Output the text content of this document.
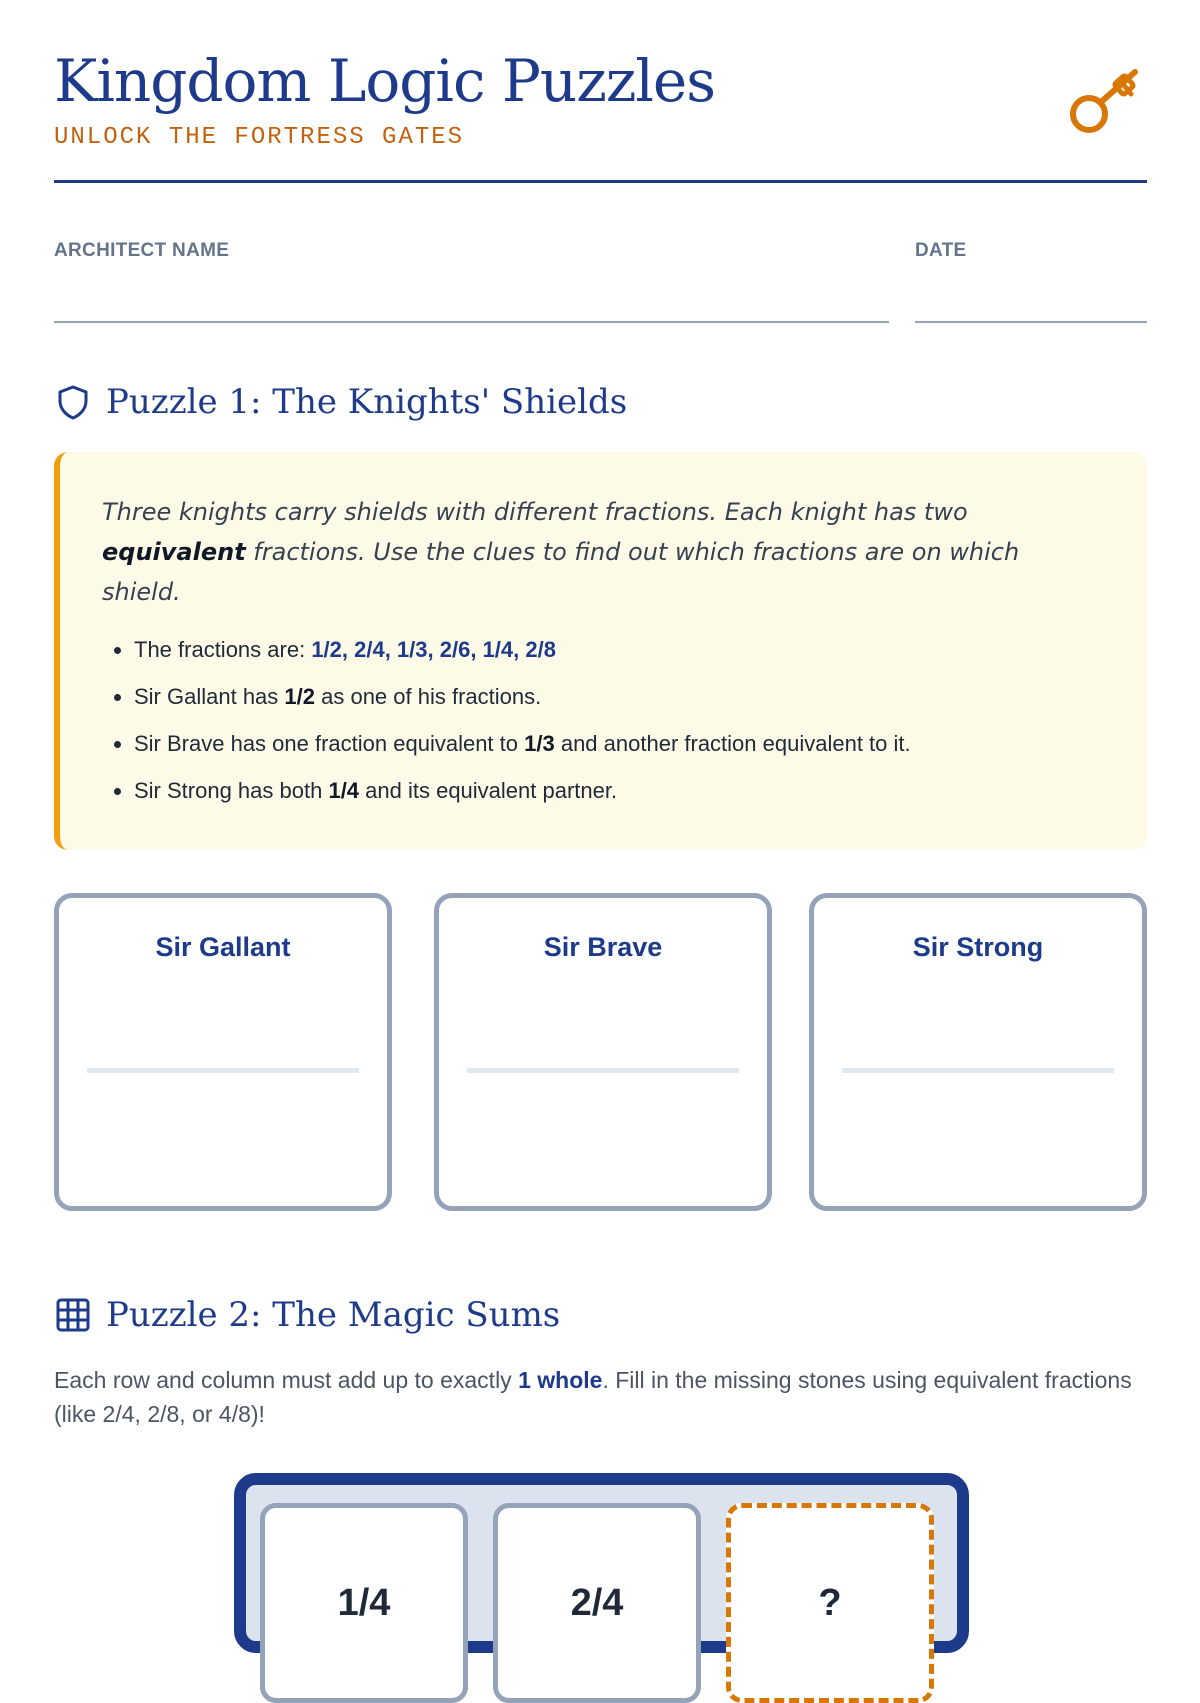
Kingdom Logic Puzzles
UNLOCK THE FORTRESS GATES
ARCHITECT NAME	DATE
Puzzle 1: The Knights' Shields

Three knights carry shields with different fractions. Each knight has two equivalent fractions. Use the clues to find out which fractions are on which shield.

• The fractions are: 1/2, 2/4, 1/3, 2/6, 1/4, 2/8
• Sir Gallant has 1/2 as one of his fractions.
• Sir Brave has one fraction equivalent to 1/3 and another fraction equivalent to it.
• Sir Strong has both 1/4 and its equivalent partner.
Sir Gallant	Sir Brave	Sir Strong
Puzzle 2: The Magic Sums
Each row and column must add up to exactly 1 whole. Fill in the missing stones using equivalent fractions (like 2/4, 2/8, or 4/8)!
1/4	2/4	?
